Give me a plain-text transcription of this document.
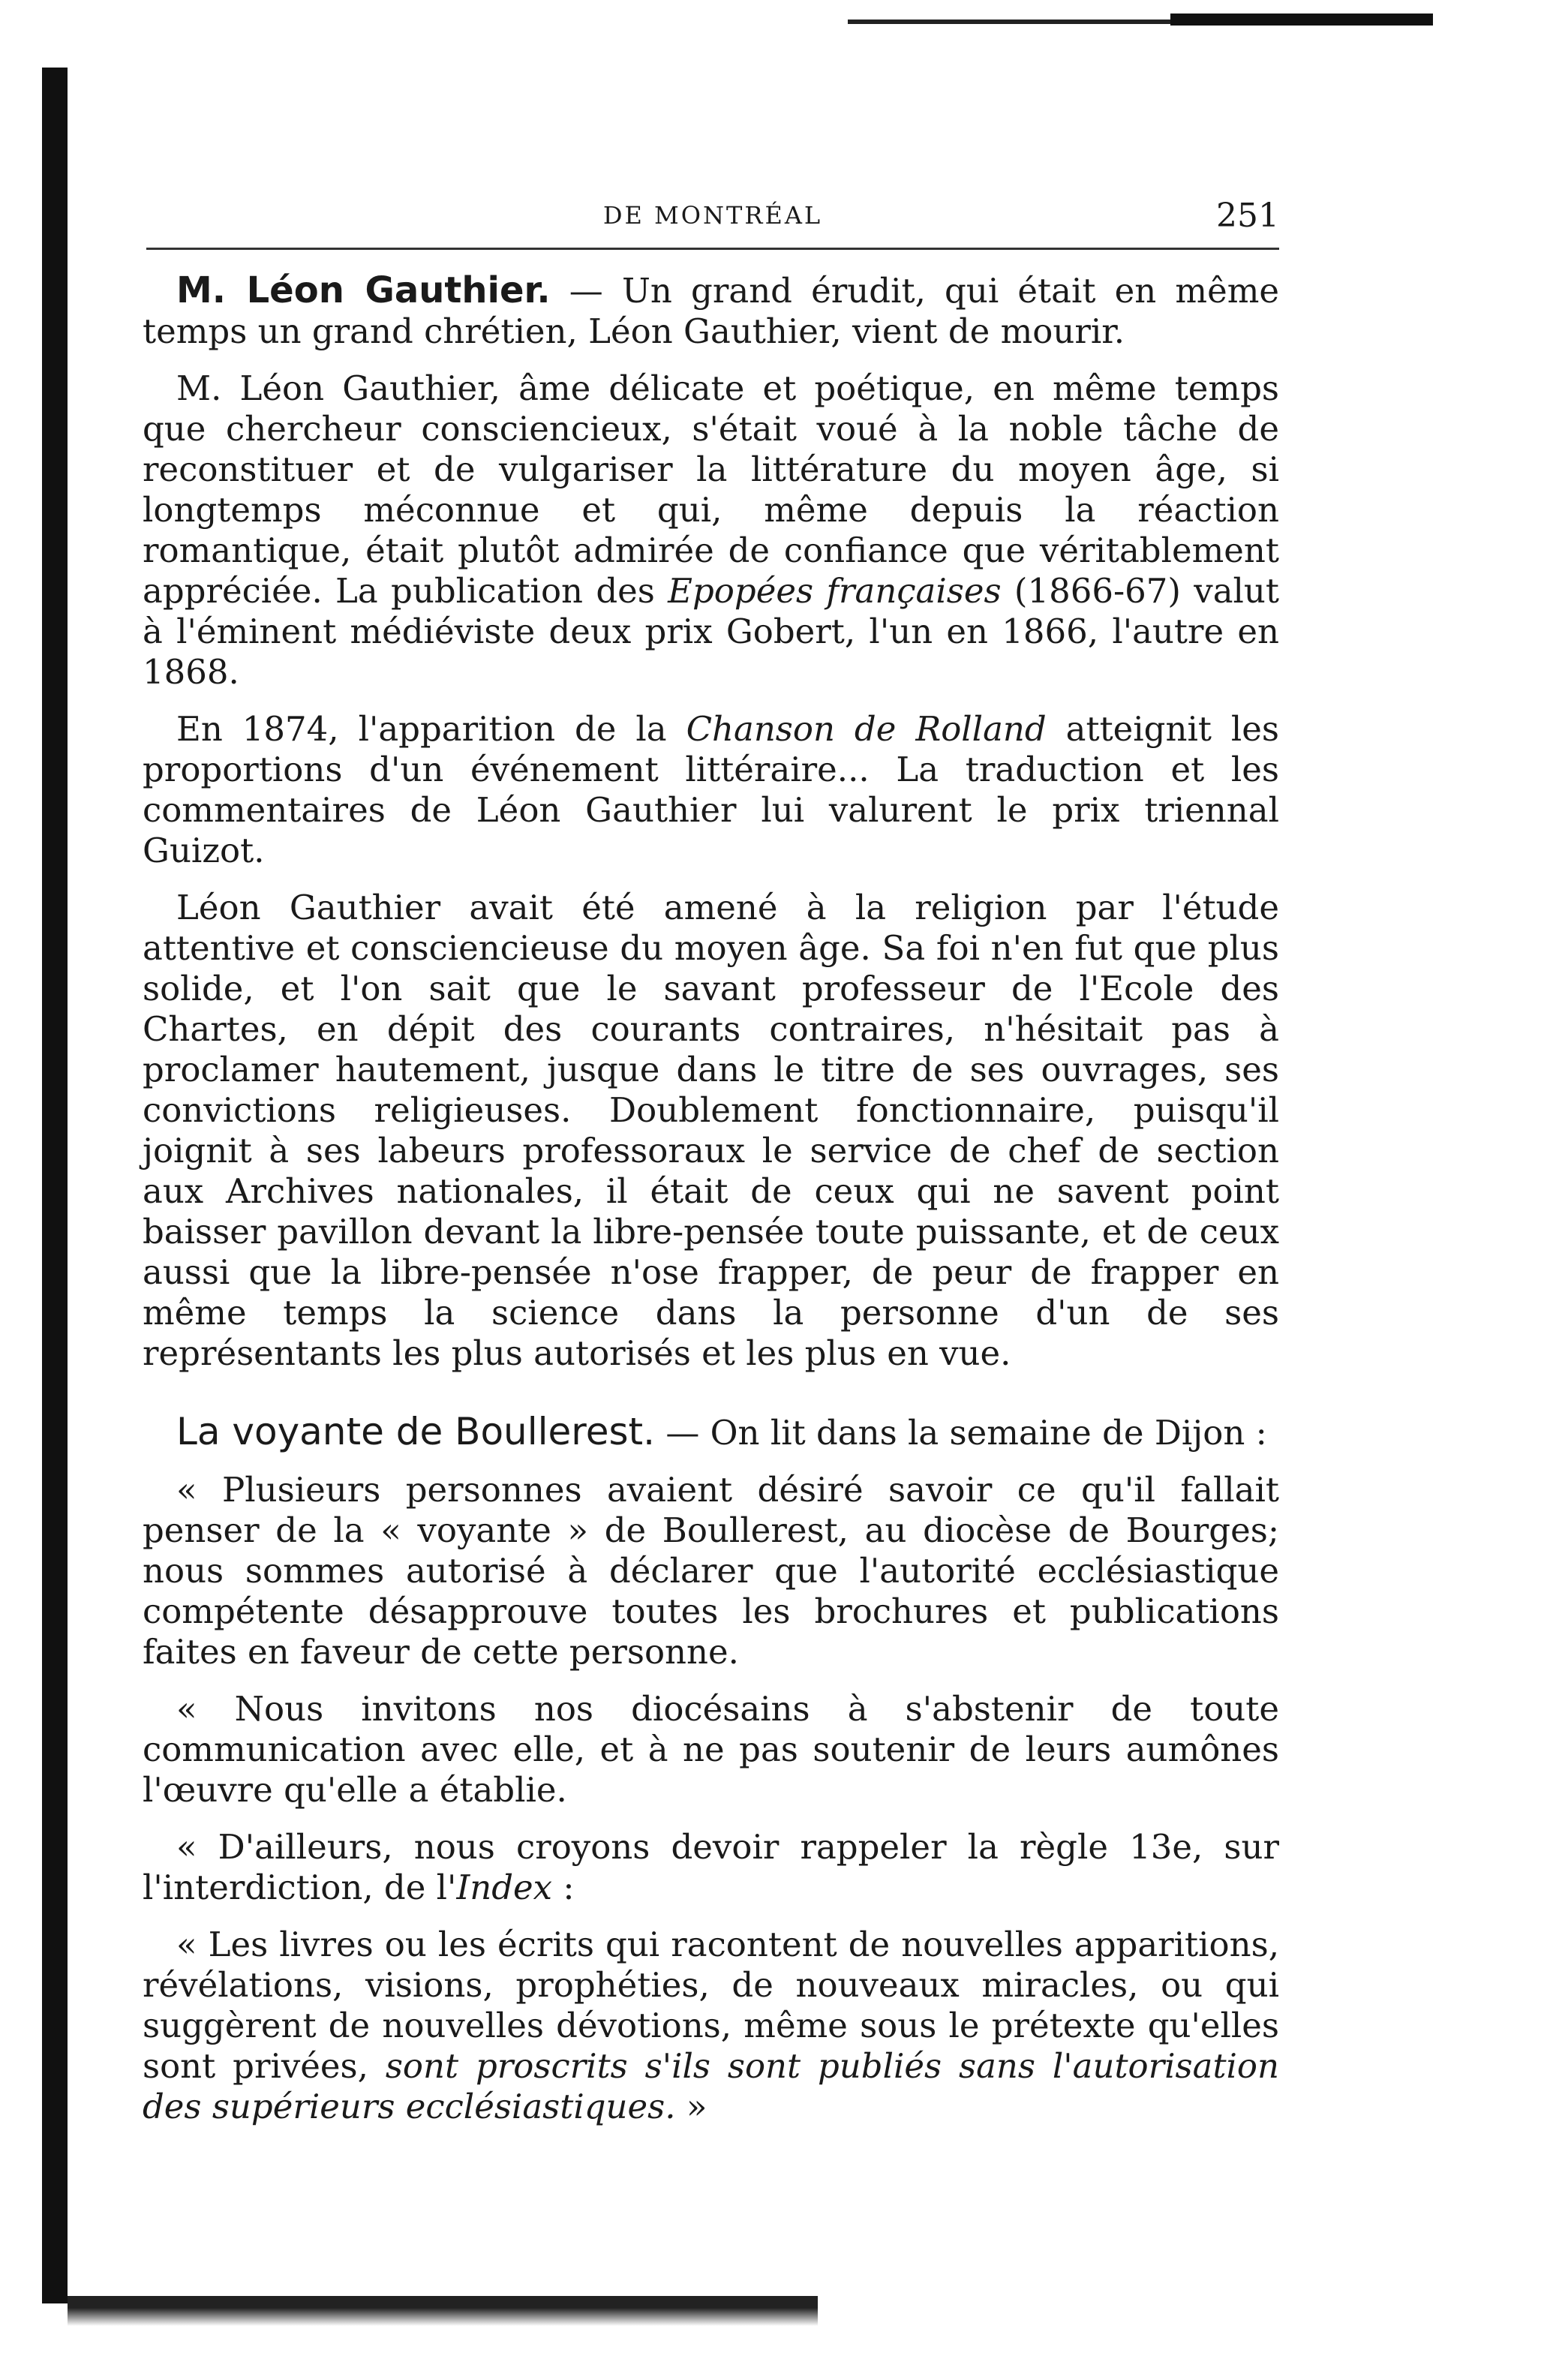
DE MONTRÉAL	251

M. Léon Gauthier. — Un grand érudit, qui était en même temps un grand chrétien, Léon Gauthier, vient de mourir.

M. Léon Gauthier, âme délicate et poétique, en même temps que chercheur consciencieux, s'était voué à la noble tâche de reconstituer et de vulgariser la littérature du moyen âge, si longtemps méconnue et qui, même depuis la réaction romantique, était plutôt admirée de confiance que véritablement appréciée. La publication des Epopées françaises (1866-67) valut à l'éminent médiéviste deux prix Gobert, l'un en 1866, l'autre en 1868.

En 1874, l'apparition de la Chanson de Rolland atteignit les proportions d'un événement littéraire... La traduction et les commentaires de Léon Gauthier lui valurent le prix triennal Guizot.

Léon Gauthier avait été amené à la religion par l'étude attentive et consciencieuse du moyen âge. Sa foi n'en fut que plus solide, et l'on sait que le savant professeur de l'Ecole des Chartes, en dépit des courants contraires, n'hésitait pas à proclamer hautement, jusque dans le titre de ses ouvrages, ses convictions religieuses. Doublement fonctionnaire, puisqu'il joignit à ses labeurs professoraux le service de chef de section aux Archives nationales, il était de ceux qui ne savent point baisser pavillon devant la libre-pensée toute puissante, et de ceux aussi que la libre-pensée n'ose frapper, de peur de frapper en même temps la science dans la personne d'un de ses représentants les plus autorisés et les plus en vue.

La voyante de Boullerest. — On lit dans la semaine de Dijon :

« Plusieurs personnes avaient désiré savoir ce qu'il fallait penser de la « voyante » de Boullerest, au diocèse de Bourges; nous sommes autorisé à déclarer que l'autorité ecclésiastique compétente désapprouve toutes les brochures et publications faites en faveur de cette personne.

« Nous invitons nos diocésains à s'abstenir de toute communication avec elle, et à ne pas soutenir de leurs aumônes l'œuvre qu'elle a établie.

« D'ailleurs, nous croyons devoir rappeler la règle 13e, sur l'interdiction, de l'Index :

« Les livres ou les écrits qui racontent de nouvelles apparitions, révélations, visions, prophéties, de nouveaux miracles, ou qui suggèrent de nouvelles dévotions, même sous le prétexte qu'elles sont privées, sont proscrits s'ils sont publiés sans l'autorisation des supérieurs ecclésiastiques. »
